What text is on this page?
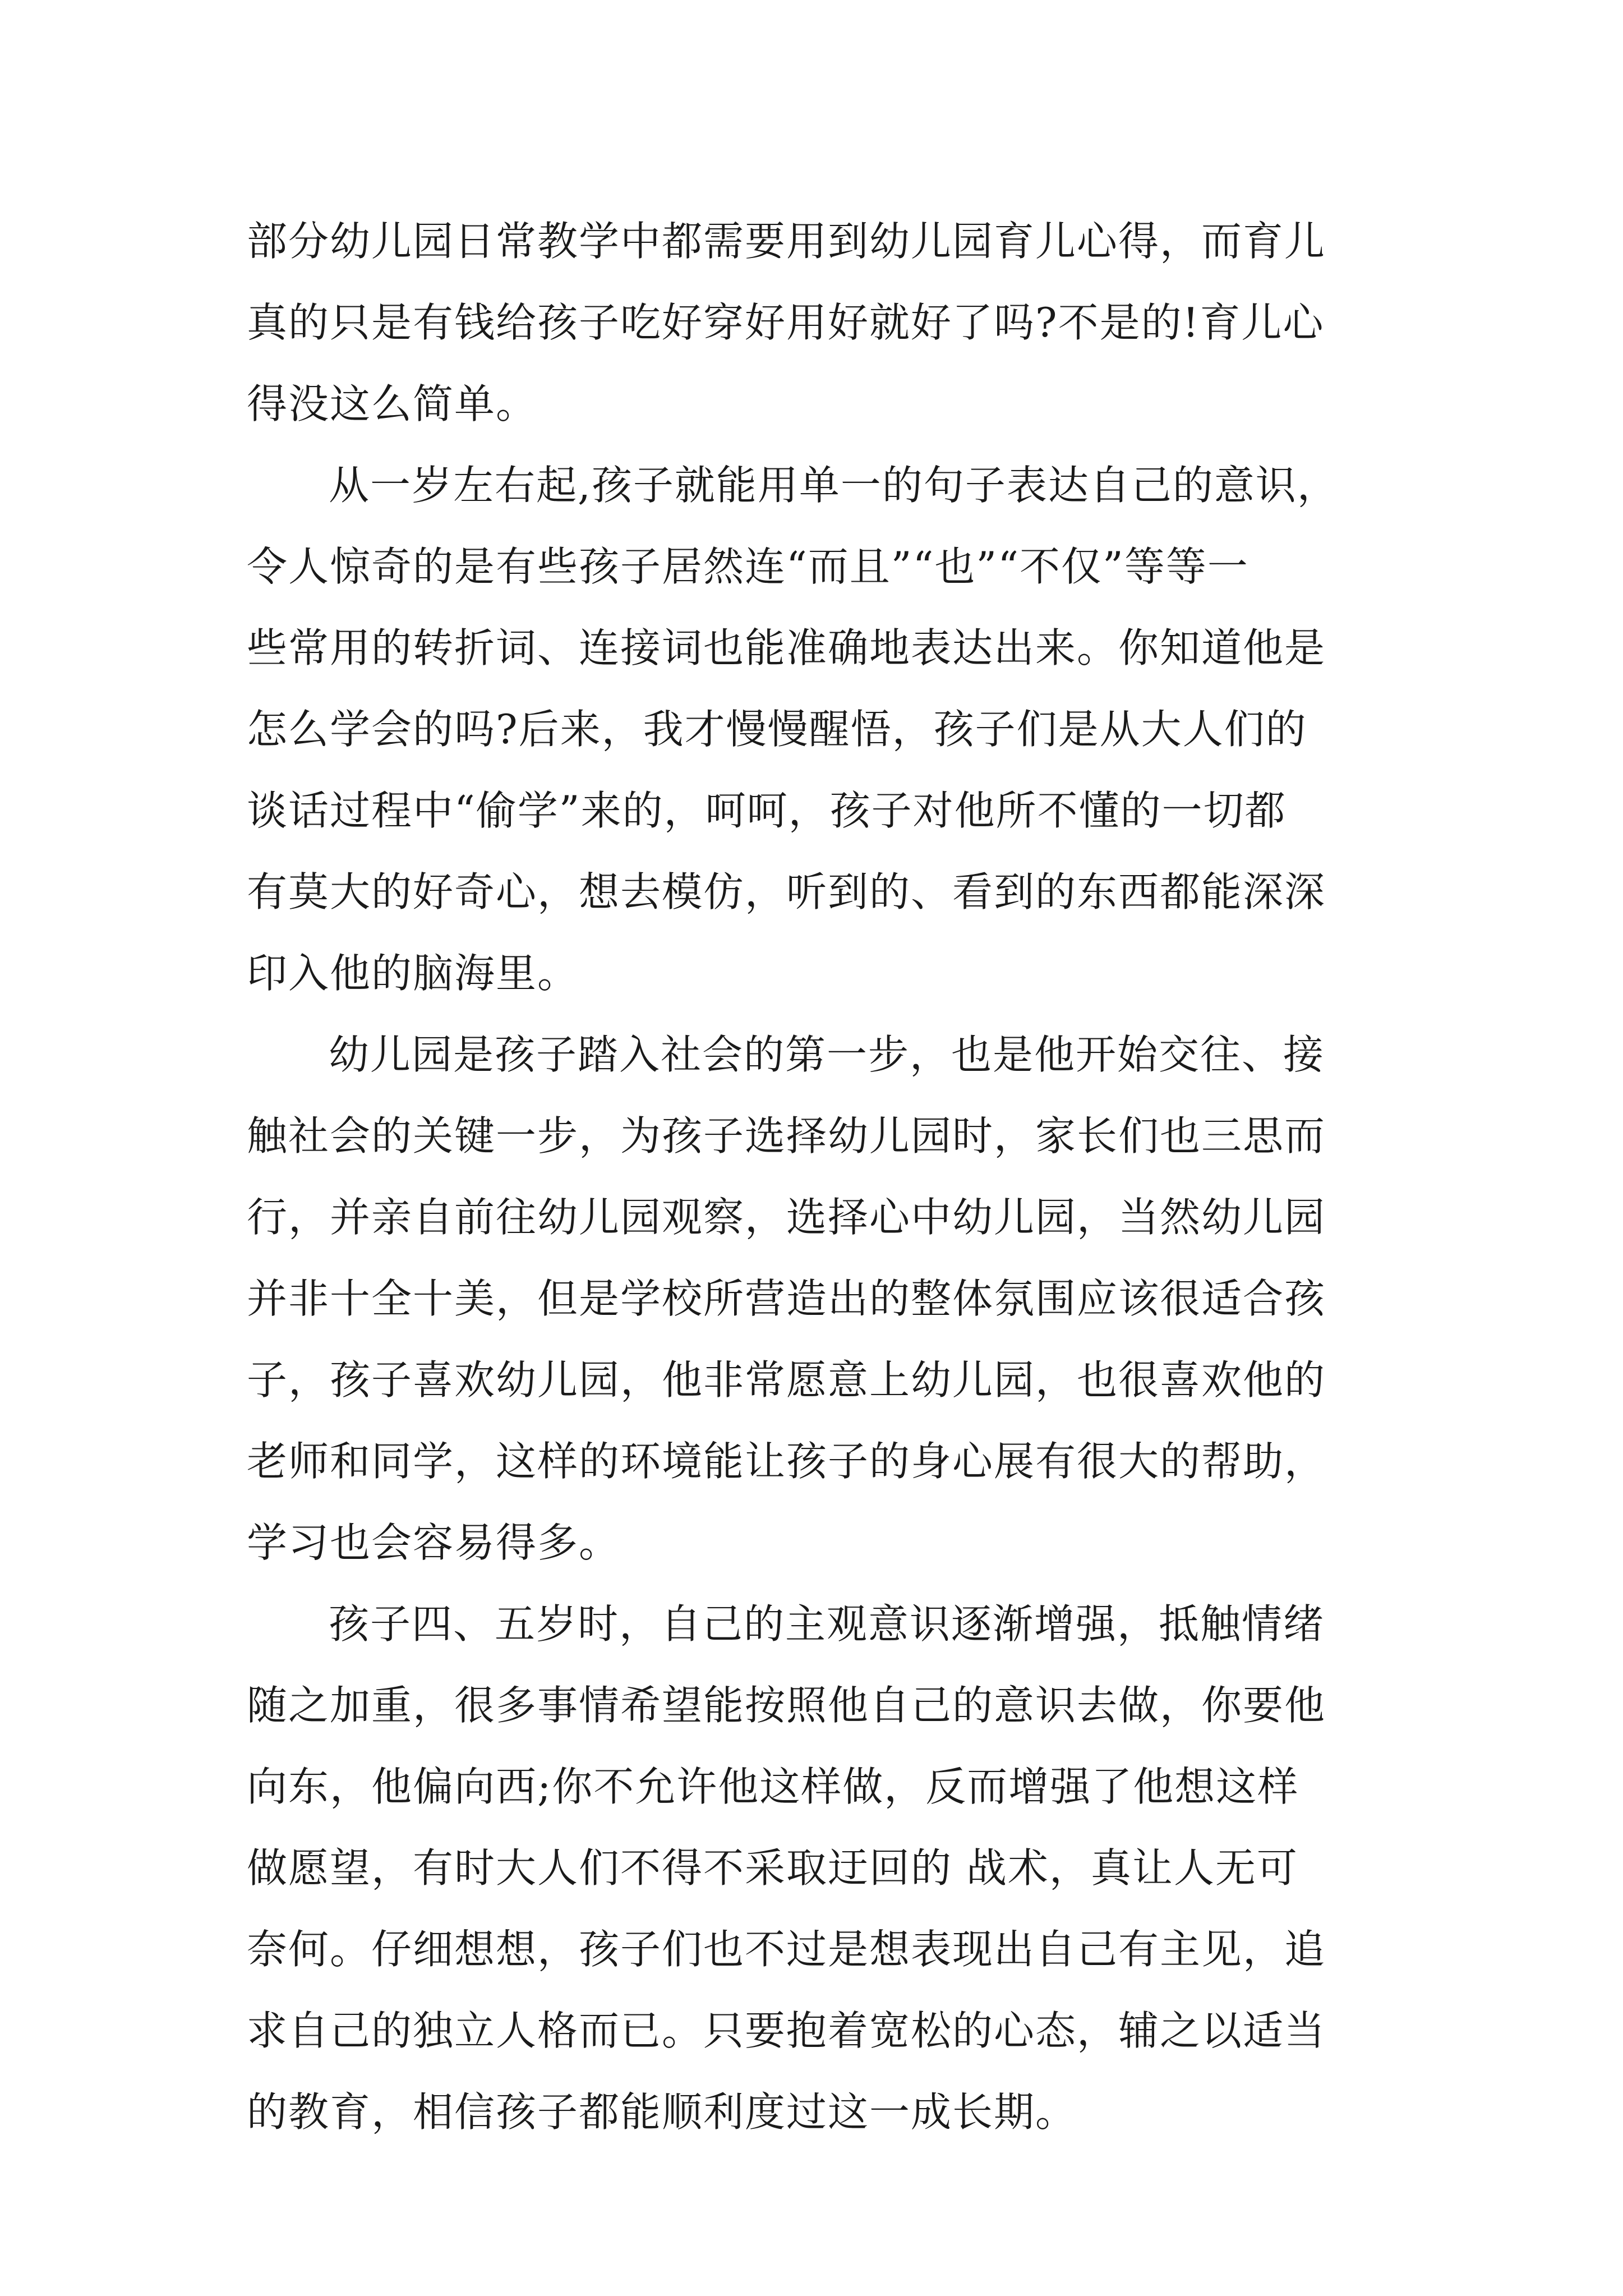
部分幼儿园日常教学中都需要用到幼儿园育儿心得，而育儿
真的只是有钱给孩子吃好穿好用好就好了吗?不是的!育儿心
得没这么简单。
从一岁左右起,孩子就能用单一的句子表达自己的意识，
令人惊奇的是有些孩子居然连“而且”“也”“不仅”等等一
些常用的转折词、连接词也能准确地表达出来。你知道他是
怎么学会的吗?后来，我才慢慢醒悟，孩子们是从大人们的
谈话过程中“偷学”来的，呵呵，孩子对他所不懂的一切都
有莫大的好奇心，想去模仿，听到的、看到的东西都能深深
印入他的脑海里。
幼儿园是孩子踏入社会的第一步，也是他开始交往、接
触社会的关键一步，为孩子选择幼儿园时，家长们也三思而
行，并亲自前往幼儿园观察，选择心中幼儿园，当然幼儿园
并非十全十美，但是学校所营造出的整体氛围应该很适合孩
子，孩子喜欢幼儿园，他非常愿意上幼儿园，也很喜欢他的
老师和同学，这样的环境能让孩子的身心展有很大的帮助，
学习也会容易得多。
孩子四、五岁时，自己的主观意识逐渐增强，抵触情绪
随之加重，很多事情希望能按照他自己的意识去做，你要他
向东，他偏向西;你不允许他这样做，反而增强了他想这样
做愿望，有时大人们不得不采取迂回的 战术，真让人无可
奈何。仔细想想，孩子们也不过是想表现出自己有主见，追
求自己的独立人格而已。只要抱着宽松的心态，辅之以适当
的教育，相信孩子都能顺利度过这一成长期。
